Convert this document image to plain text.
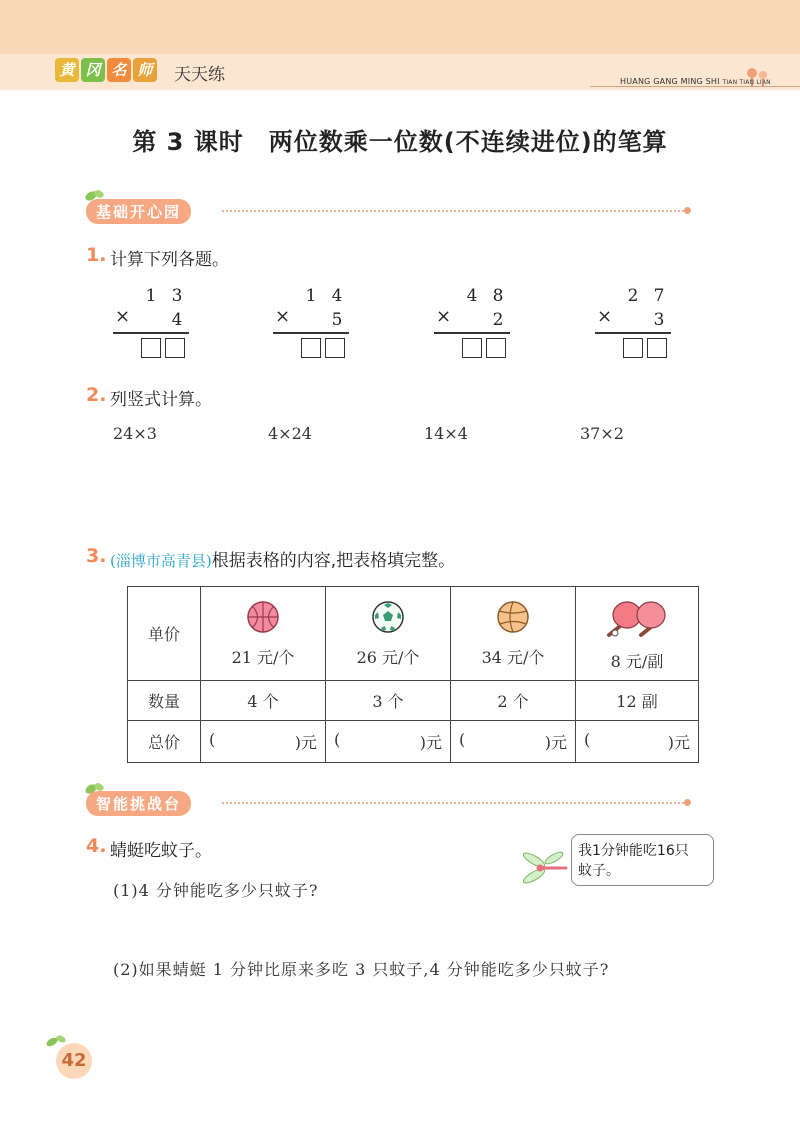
黄 冈 名 师 天天练	HUANG GANG MING SHI TIAN TIAN LIAN
第 3 课时　两位数乘一位数(不连续进位)的笔算
基础开心园
1. 计算下列各题。
1 3
× 4
1 4
× 5
4 8
× 2
2 7
× 3
2. 列竖式计算。
24×3	4×24	14×4	37×2
3. (淄博市高青县)根据表格的内容,把表格填完整。
单价	21 元/个	26 元/个	34 元/个	8 元/副

数量	4 个	3 个	2 个	12 副
总价	( )元	( )元	( )元	( )元
智能挑战台
4. 蜻蜓吃蚊子。	我1分钟能吃16只
蚊子。
(1)4 分钟能吃多少只蚊子?
(2)如果蜻蜓 1 分钟比原来多吃 3 只蚊子,4 分钟能吃多少只蚊子?
42
